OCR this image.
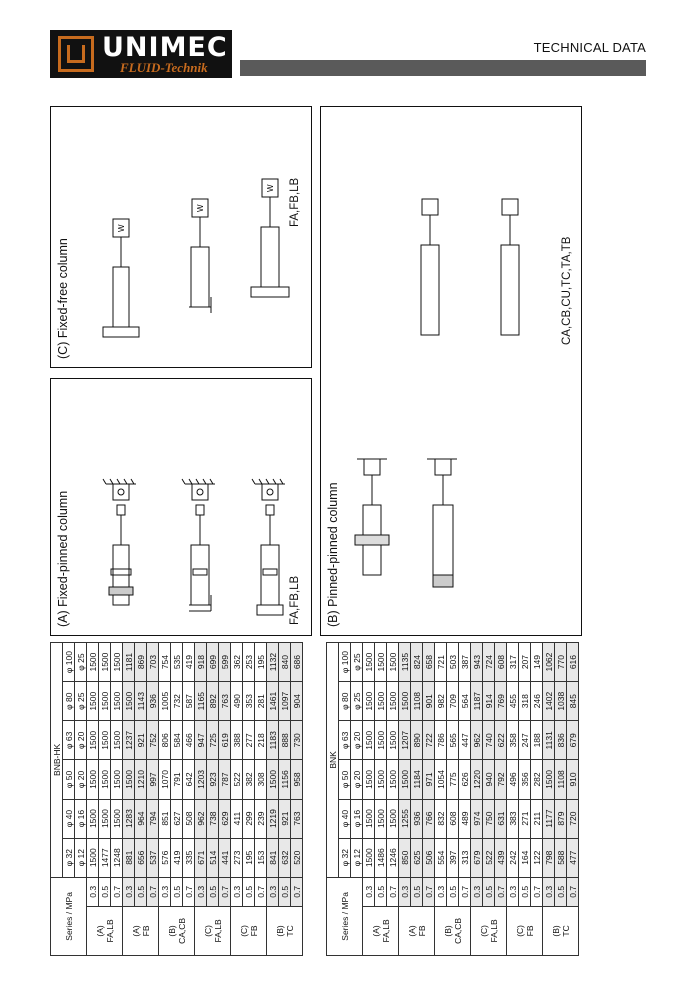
UNIMEC
FLUID-Technik
TECHNICAL DATA
Series / MPa		BNB-HK					
		φ 32	φ 40	φ 50	φ 63	φ 80	φ 100
		φ 12	φ 16	φ 20	φ 20	φ 25	φ 25
(A)
FA,LB	0.3	1500	1500	1500	1500	1500	1500
	0.5	1477	1500	1500	1500	1500	1500
	0.7	1248	1500	1500	1500	1500	1500
(A)
FB	0.3	881	1283	1500	1237	1500	1181
	0.5	656	964	1210	921	1143	869
	0.7	537	794	997	752	936	703
(B)
CA,CB	0.3	576	851	1070	806	1005	754
	0.5	419	627	791	584	732	535
	0.7	335	508	642	466	587	419
(C)
FA,LB	0.3	671	962	1203	947	1165	918
	0.5	514	738	923	725	892	699
	0.7	441	629	787	619	763	599
(C)
FB	0.3	273	411	522	388	490	362
	0.5	195	299	382	277	353	253
	0.7	153	239	308	218	281	195
(B)
TC	0.3	841	1219	1500	1183	1461	1132
	0.5	632	921	1156	888	1097	840
	0.7	520	763	958	730	904	686
Series / MPa		BNK					
		φ 32	φ 40	φ 50	φ 63	φ 80	φ 100
		φ 12	φ 16	φ 20	φ 20	φ 25	φ 25
(A)
FA,LB	0.3	1500	1500	1500	1500	1500	1500
	0.5	1486	1500	1500	1500	1500	1500
	0.7	1246	1500	1500	1500	1500	1500
(A)
FB	0.3	850	1255	1500	1207	1500	1135
	0.5	625	936	1184	890	1108	824
	0.7	506	766	971	722	901	658
(B)
CA,CB	0.3	554	832	1054	786	982	721
	0.5	397	608	775	565	709	503
	0.7	313	489	626	447	564	387
(C)
FA,LB	0.3	679	974	1220	962	1187	943
	0.5	522	750	940	740	914	724
	0.7	439	631	792	622	769	608
(C)
FB	0.3	242	383	496	358	455	317
	0.5	164	271	356	247	318	207
	0.7	122	211	282	188	246	149
(B)
TC	0.3	798	1177	1500	1131	1402	1062
	0.5	588	879	1108	836	1038	770
	0.7	477	720	910	679	845	616
(A) Fixed-pinned column	FA,FB,LB
(C) Fixed-free column
FA,FB,LB
W
W
W
(B) Pinned-pinned column
CA,CB,CU,TC,TA,TB
